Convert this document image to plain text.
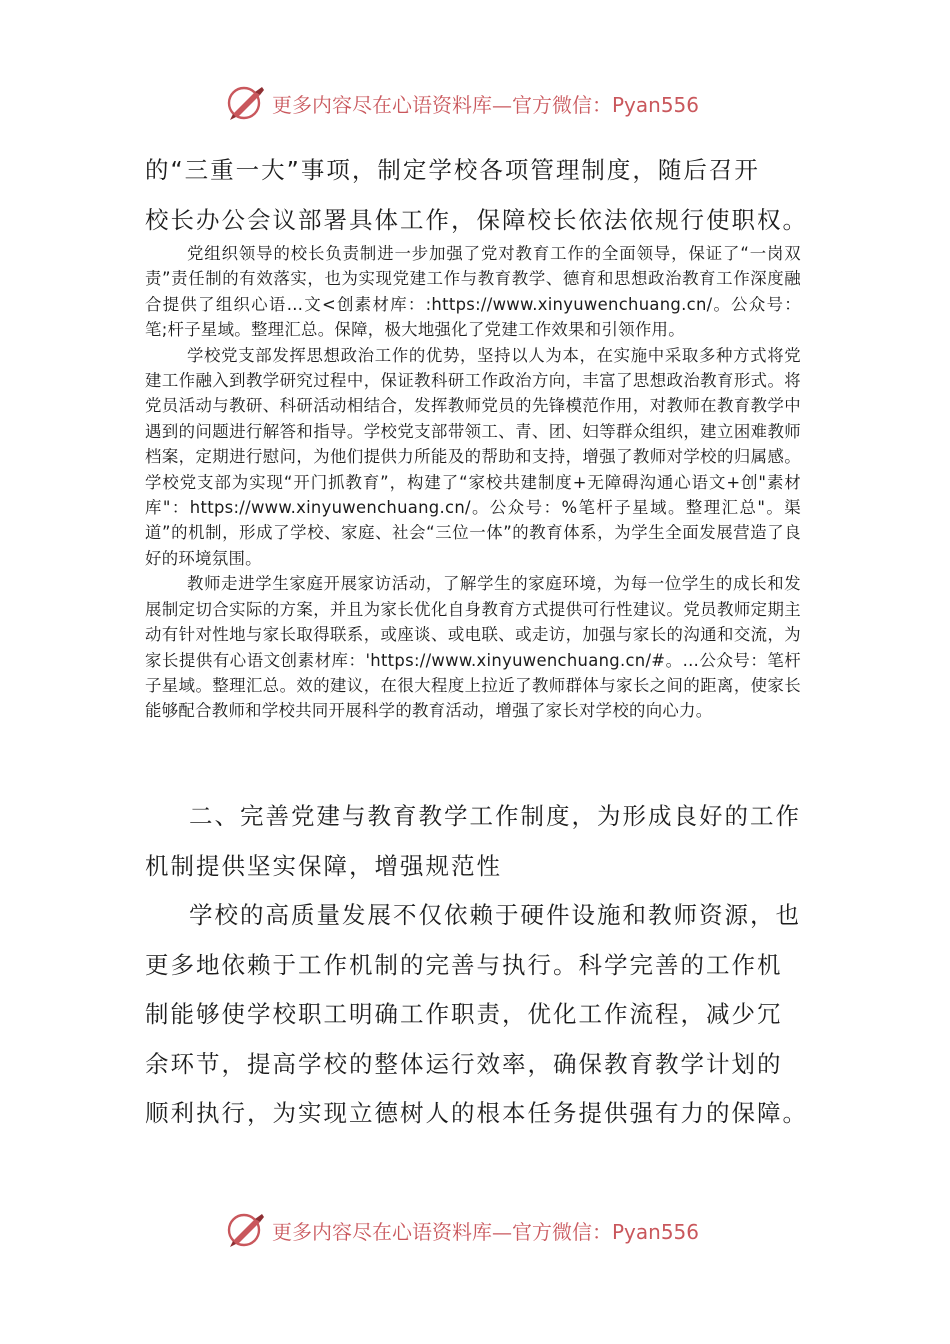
更多内容尽在心语资料库—官方微信：Pyan556

的“三重一大”事项，制定学校各项管理制度，随后召开

校长办公会议部署具体工作，保障校长依法依规行使职权。

党组织领导的校长负责制进一步加强了党对教育工作的全面领导，保证了“一岗双责”责任制的有效落实，也为实现党建工作与教育教学、德育和思想政治教育工作深度融合提供了组织心语…文<创素材库：:https://www.xinyuwenchuang.cn/。公众号：笔;杆子星域。整理汇总。保障，极大地强化了党建工作效果和引领作用。

学校党支部发挥思想政治工作的优势，坚持以人为本，在实施中采取多种方式将党建工作融入到教学研究过程中，保证教科研工作政治方向，丰富了思想政治教育形式。将党员活动与教研、科研活动相结合，发挥教师党员的先锋模范作用，对教师在教育教学中遇到的问题进行解答和指导。学校党支部带领工、青、团、妇等群众组织，建立困难教师档案，定期进行慰问，为他们提供力所能及的帮助和支持，增强了教师对学校的归属感。学校党支部为实现“开门抓教育”，构建了“家校共建制度+无障碍沟通心语文+创"素材库"：https://www.xinyuwenchuang.cn/。公众号：%笔杆子星域。整理汇总"。渠道”的机制，形成了学校、家庭、社会“三位一体”的教育体系，为学生全面发展营造了良好的环境氛围。

教师走进学生家庭开展家访活动，了解学生的家庭环境，为每一位学生的成长和发展制定切合实际的方案，并且为家长优化自身教育方式提供可行性建议。党员教师定期主动有针对性地与家长取得联系，或座谈、或电联、或走访，加强与家长的沟通和交流，为家长提供有心语文创素材库：'https://www.xinyuwenchuang.cn/#。…公众号：笔杆子星域。整理汇总。效的建议，在很大程度上拉近了教师群体与家长之间的距离，使家长能够配合教师和学校共同开展科学的教育活动，增强了家长对学校的向心力。

二、完善党建与教育教学工作制度，为形成良好的工作

机制提供坚实保障，增强规范性

学校的高质量发展不仅依赖于硬件设施和教师资源，也

更多地依赖于工作机制的完善与执行。科学完善的工作机

制能够使学校职工明确工作职责，优化工作流程，减少冗

余环节，提高学校的整体运行效率，确保教育教学计划的

顺利执行，为实现立德树人的根本任务提供强有力的保障。

更多内容尽在心语资料库—官方微信：Pyan556
